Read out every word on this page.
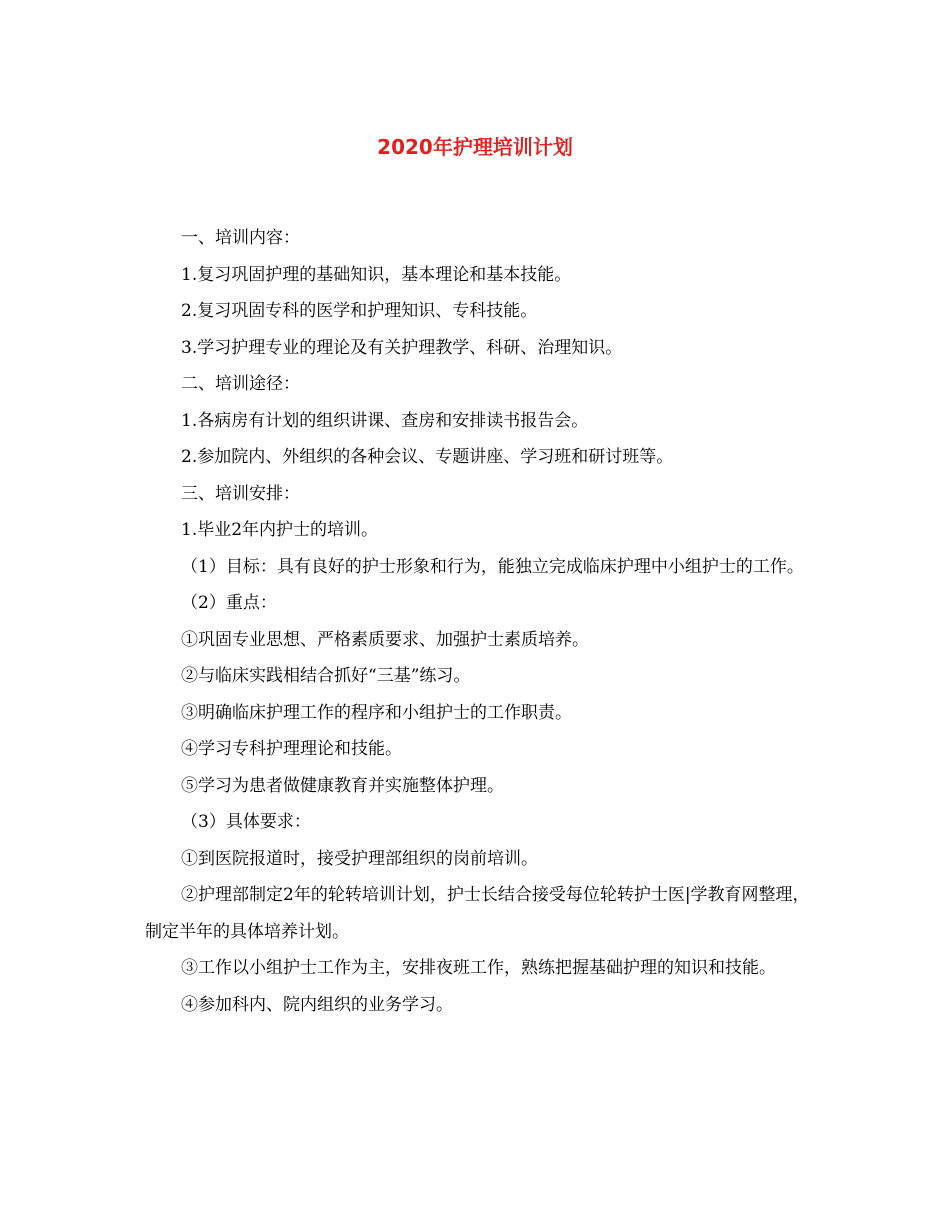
2020年护理培训计划

一、培训内容：

1.复习巩固护理的基础知识，基本理论和基本技能。

2.复习巩固专科的医学和护理知识、专科技能。

3.学习护理专业的理论及有关护理教学、科研、治理知识。

二、培训途径：

1.各病房有计划的组织讲课、查房和安排读书报告会。

2.参加院内、外组织的各种会议、专题讲座、学习班和研讨班等。

三、培训安排：

1.毕业2年内护士的培训。

（1）目标：具有良好的护士形象和行为，能独立完成临床护理中小组护士的工作。

（2）重点：

①巩固专业思想、严格素质要求、加强护士素质培养。

②与临床实践相结合抓好“三基”练习。

③明确临床护理工作的程序和小组护士的工作职责。

④学习专科护理理论和技能。

⑤学习为患者做健康教育并实施整体护理。

（3）具体要求：

①到医院报道时，接受护理部组织的岗前培训。

②护理部制定2年的轮转培训计划，护士长结合接受每位轮转护士医|学教育网整理，制定半年的具体培养计划。

③工作以小组护士工作为主，安排夜班工作，熟练把握基础护理的知识和技能。

④参加科内、院内组织的业务学习。
